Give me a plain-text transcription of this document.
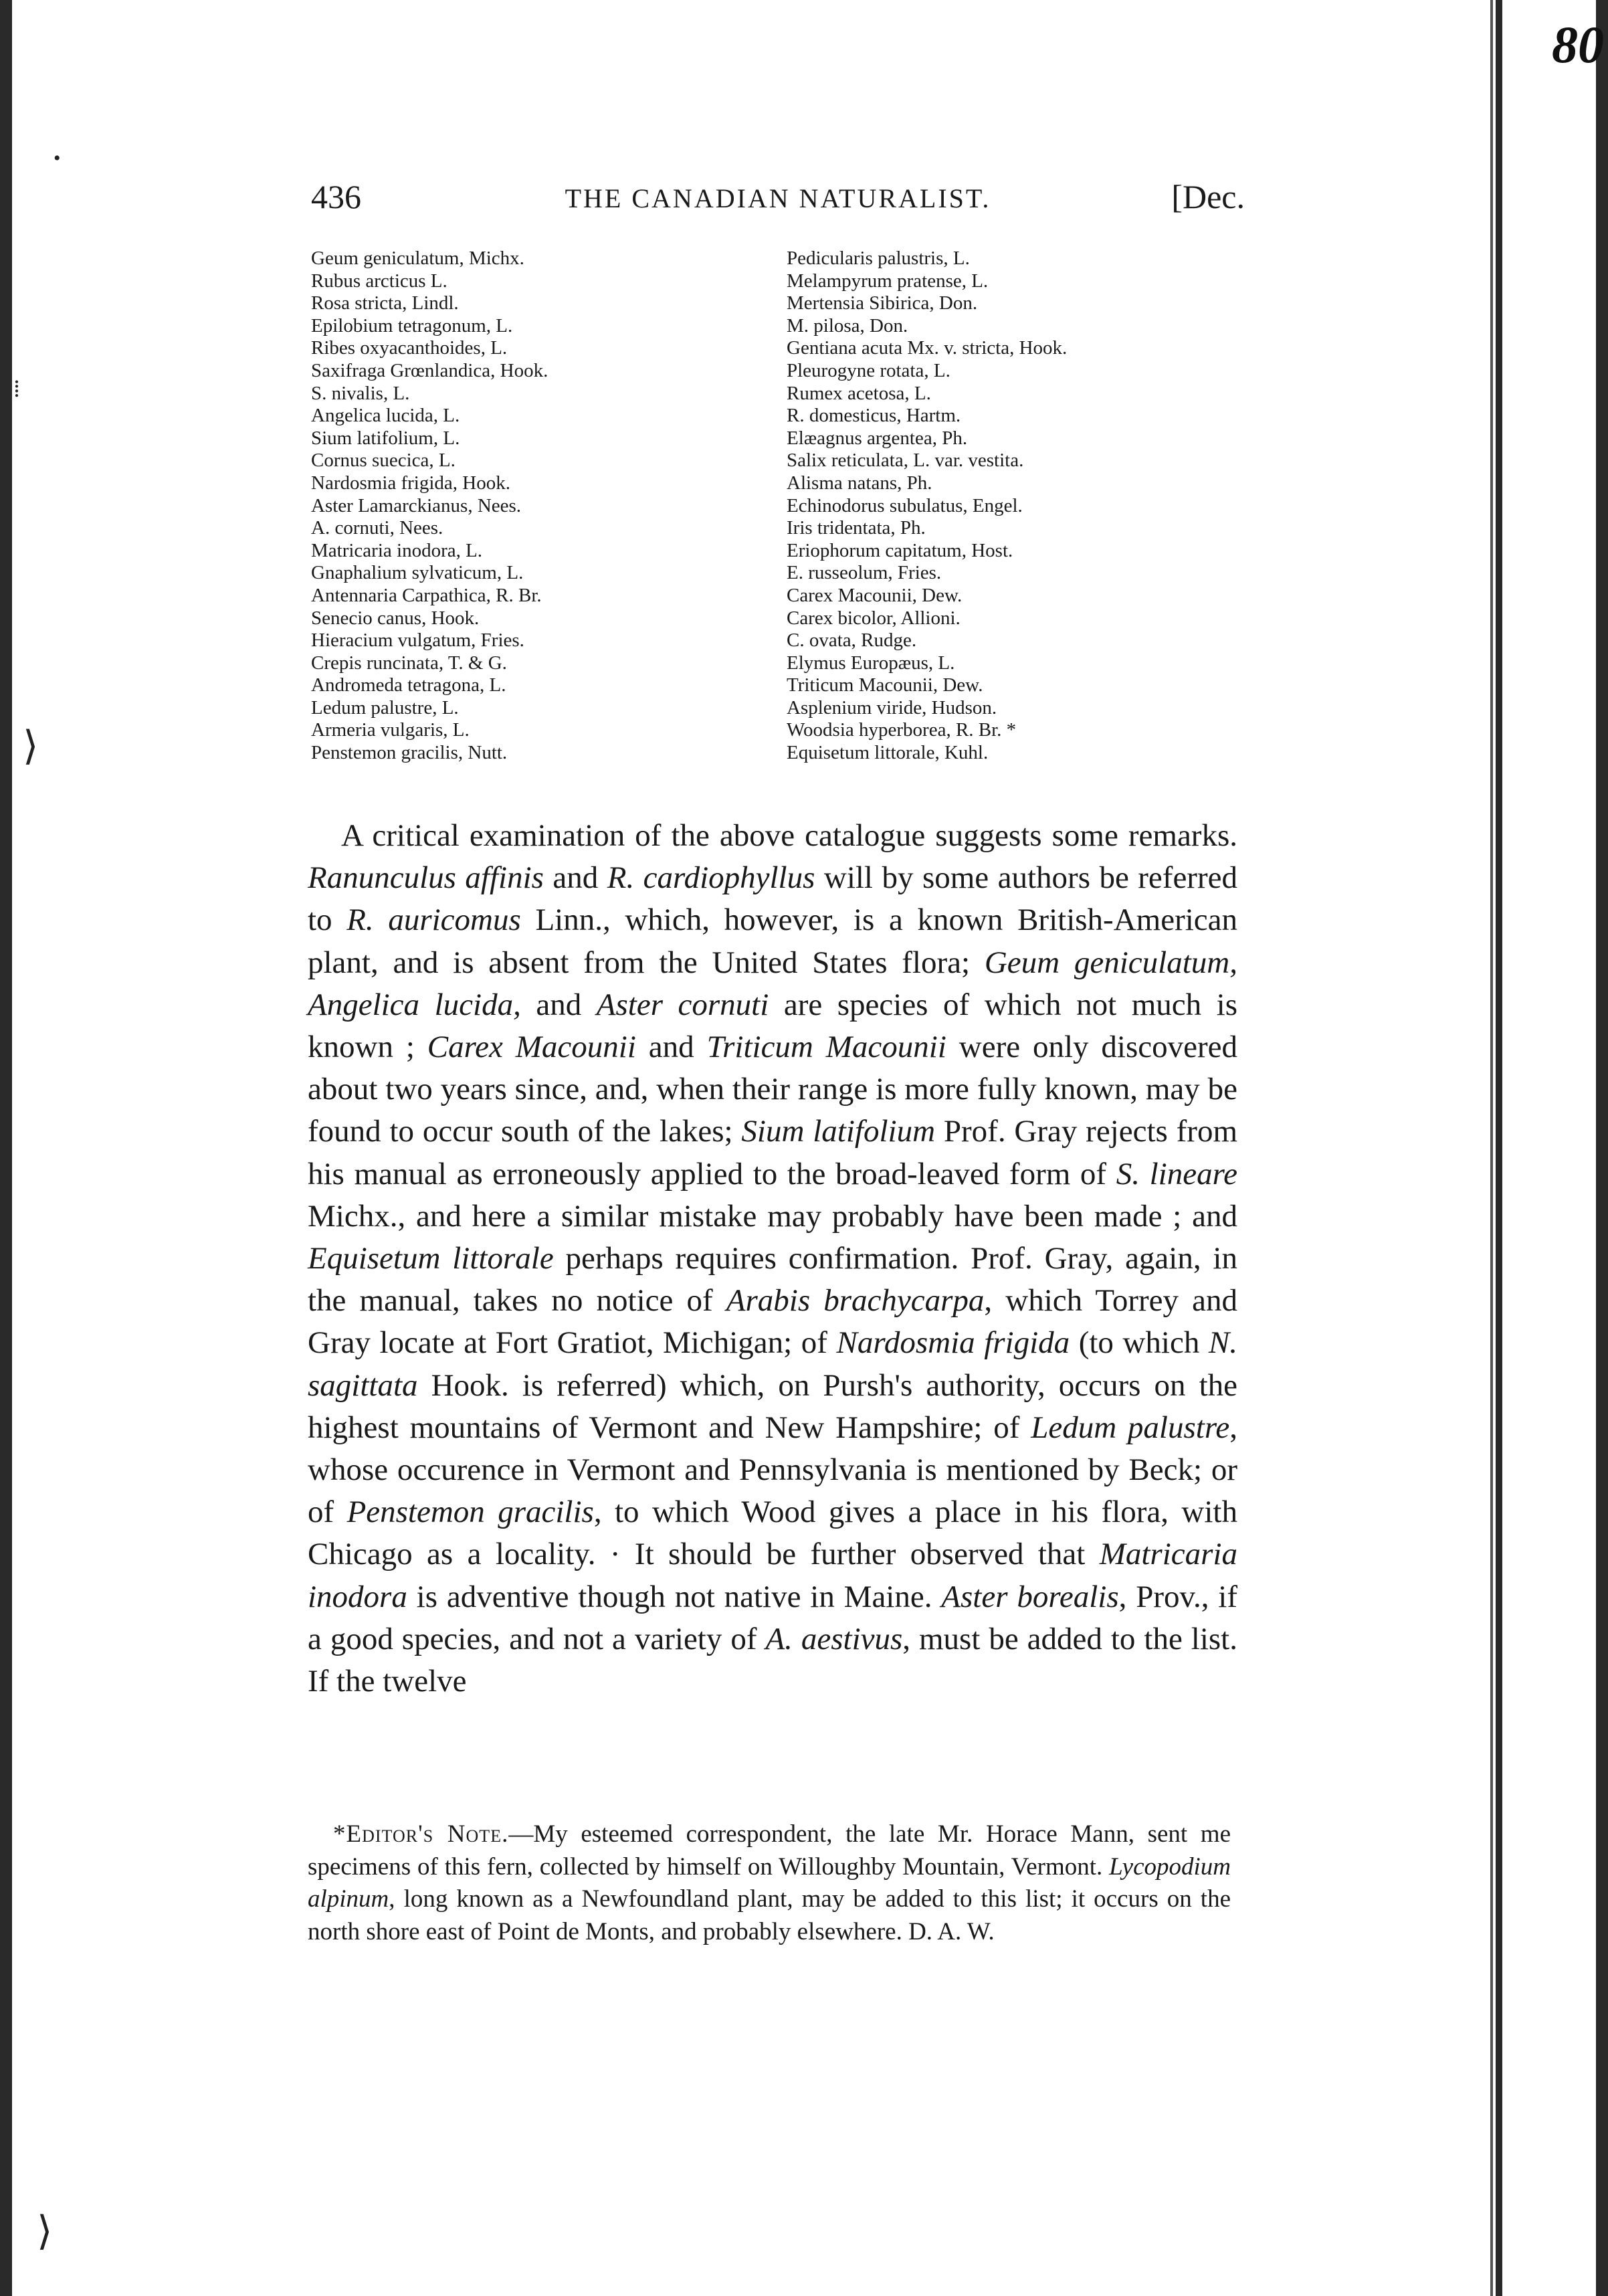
•
⁞
⟩
⟩
80
436	THE CANADIAN NATURALIST.	[Dec.
Geum geniculatum, Michx.
Rubus arcticus L.
Rosa stricta, Lindl.
Epilobium tetragonum, L.
Ribes oxyacanthoides, L.
Saxifraga Grœnlandica, Hook.
S. nivalis, L.
Angelica lucida, L.
Sium latifolium, L.
Cornus suecica, L.
Nardosmia frigida, Hook.
Aster Lamarckianus, Nees.
A. cornuti, Nees.
Matricaria inodora, L.
Gnaphalium sylvaticum, L.
Antennaria Carpathica, R. Br.
Senecio canus, Hook.
Hieracium vulgatum, Fries.
Crepis runcinata, T. & G.
Andromeda tetragona, L.
Ledum palustre, L.
Armeria vulgaris, L.
Penstemon gracilis, Nutt.
Pedicularis palustris, L.
Melampyrum pratense, L.
Mertensia Sibirica, Don.
M. pilosa, Don.
Gentiana acuta Mx. v. stricta, Hook.
Pleurogyne rotata, L.
Rumex acetosa, L.
R. domesticus, Hartm.
Elæagnus argentea, Ph.
Salix reticulata, L. var. vestita.
Alisma natans, Ph.
Echinodorus subulatus, Engel.
Iris tridentata, Ph.
Eriophorum capitatum, Host.
E. russeolum, Fries.
Carex Macounii, Dew.
Carex bicolor, Allioni.
C. ovata, Rudge.
Elymus Europæus, L.
Triticum Macounii, Dew.
Asplenium viride, Hudson.
Woodsia hyperborea, R. Br. *
Equisetum littorale, Kuhl.

A critical examination of the above catalogue suggests some remarks. Ranunculus affinis and R. cardiophyllus will by some authors be referred to R. auricomus Linn., which, however, is a known British-American plant, and is absent from the United States flora; Geum geniculatum, Angelica lucida, and Aster cornuti are species of which not much is known ; Carex Macounii and Triticum Macounii were only discovered about two years since, and, when their range is more fully known, may be found to occur south of the lakes; Sium latifolium Prof. Gray rejects from his manual as erroneously applied to the broad-leaved form of S. lineare Michx., and here a similar mistake may probably have been made ; and Equisetum littorale perhaps requires confirmation. Prof. Gray, again, in the manual, takes no notice of Arabis brachycarpa, which Torrey and Gray locate at Fort Gratiot, Michigan; of Nardosmia frigida (to which N. sagittata Hook. is referred) which, on Pursh's authority, occurs on the highest mountains of Vermont and New Hampshire; of Ledum palustre, whose occurence in Vermont and Pennsylvania is mentioned by Beck; or of Penstemon gracilis, to which Wood gives a place in his flora, with Chicago as a locality. · It should be further observed that Matricaria inodora is adventive though not native in Maine. Aster borealis, Prov., if a good species, and not a variety of A. aestivus, must be added to the list. If the twelve

*Editor's Note.—My esteemed correspondent, the late Mr. Horace Mann, sent me specimens of this fern, collected by himself on Willoughby Mountain, Vermont. Lycopodium alpinum, long known as a Newfoundland plant, may be added to this list; it occurs on the north shore east of Point de Monts, and probably elsewhere. D. A. W.
